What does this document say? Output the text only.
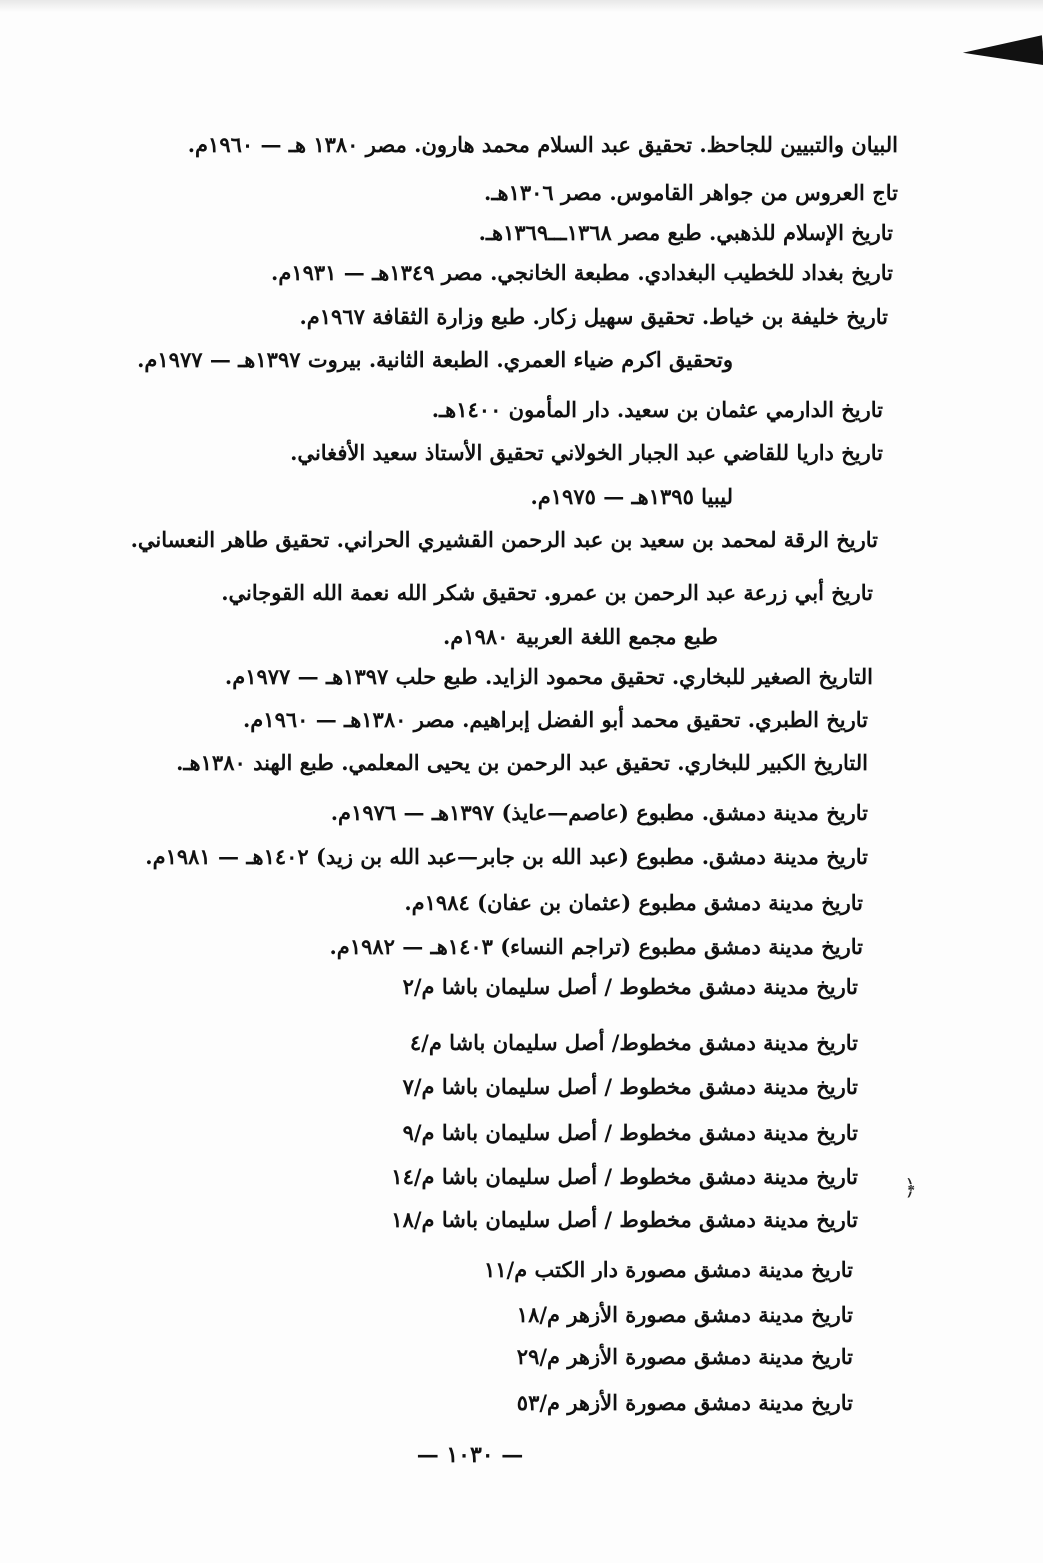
البيان والتبيين للجاحظ. تحقيق عبد السلام محمد هارون. مصر ١٣٨٠ هـ — ١٩٦٠م.
تاج العروس من جواهر القاموس. مصر ١٣٠٦هـ.
تاريخ الإسلام للذهبي. طبع مصر ١٣٦٨ـــ١٣٦٩هـ.
تاريخ بغداد للخطيب البغدادي. مطبعة الخانجي. مصر ١٣٤٩هـ — ١٩٣١م.
تاريخ خليفة بن خياط. تحقيق سهيل زكار. طبع وزارة الثقافة ١٩٦٧م.
وتحقيق اكرم ضياء العمري. الطبعة الثانية. بيروت ١٣٩٧هـ — ١٩٧٧م.
تاريخ الدارمي عثمان بن سعيد. دار المأمون ١٤٠٠هـ.
تاريخ داريا للقاضي عبد الجبار الخولاني تحقيق الأستاذ سعيد الأفغاني.
ليبيا ١٣٩٥هـ — ١٩٧٥م.
تاريخ الرقة لمحمد بن سعيد بن عبد الرحمن القشيري الحراني. تحقيق طاهر النعساني.
تاريخ أبي زرعة عبد الرحمن بن عمرو. تحقيق شكر الله نعمة الله القوجاني.
طبع مجمع اللغة العربية ١٩٨٠م.
التاريخ الصغير للبخاري. تحقيق محمود الزايد. طبع حلب ١٣٩٧هـ — ١٩٧٧م.
تاريخ الطبري. تحقيق محمد أبو الفضل إبراهيم. مصر ١٣٨٠هـ — ١٩٦٠م.
التاريخ الكبير للبخاري. تحقيق عبد الرحمن بن يحيى المعلمي. طبع الهند ١٣٨٠هـ.
تاريخ مدينة دمشق. مطبوع (عاصم—عايذ) ١٣٩٧هـ — ١٩٧٦م.
تاريخ مدينة دمشق. مطبوع (عبد الله بن جابر—عبد الله بن زيد) ١٤٠٢هـ — ١٩٨١م.
تاريخ مدينة دمشق مطبوع (عثمان بن عفان) ١٩٨٤م.
تاريخ مدينة دمشق مطبوع (تراجم النساء) ١٤٠٣هـ — ١٩٨٢م.
تاريخ مدينة دمشق مخطوط / أصل سليمان باشا م/٢
تاريخ مدينة دمشق مخطوط/ أصل سليمان باشا م/٤
تاريخ مدينة دمشق مخطوط / أصل سليمان باشا م/٧
تاريخ مدينة دمشق مخطوط / أصل سليمان باشا م/٩
تاريخ مدينة دمشق مخطوط / أصل سليمان باشا م/١٤
تاريخ مدينة دمشق مخطوط / أصل سليمان باشا م/١٨
تاريخ مدينة دمشق مصورة دار الكتب م/١١
تاريخ مدينة دمشق مصورة الأزهر م/١٨
تاريخ مدينة دمشق مصورة الأزهر م/٢٩
تاريخ مدينة دمشق مصورة الأزهر م/٥٣
﴿
— ١٠٣٠ —
